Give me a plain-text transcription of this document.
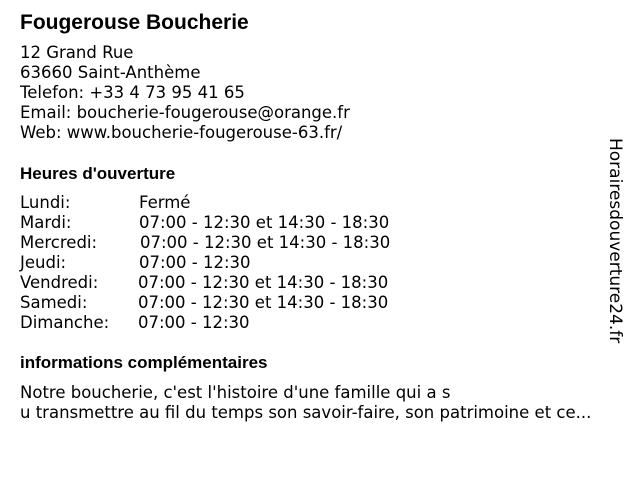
Fougerouse Boucherie
12 Grand Rue
63660 Saint-Anthème
Telefon: +33 4 73 95 41 65
Email: boucherie-fougerouse@orange.fr
Web: www.boucherie-fougerouse-63.fr/
Heures d'ouverture
Lundi:	Fermé
Mardi:	07:00 - 12:30 et 14:30 - 18:30
Mercredi:	07:00 - 12:30 et 14:30 - 18:30
Jeudi:	07:00 - 12:30
Vendredi: 07:00 - 12:30 et 14:30 - 18:30
Samedi:	07:00 - 12:30 et 14:30 - 18:30
Dimanche: 07:00 - 12:30
informations complémentaires
Notre boucherie, c'est l'histoire d'une famille qui a s
u transmettre au fil du temps son savoir-faire, son patrimoine et ce...
Horairesdouverture24.fr
